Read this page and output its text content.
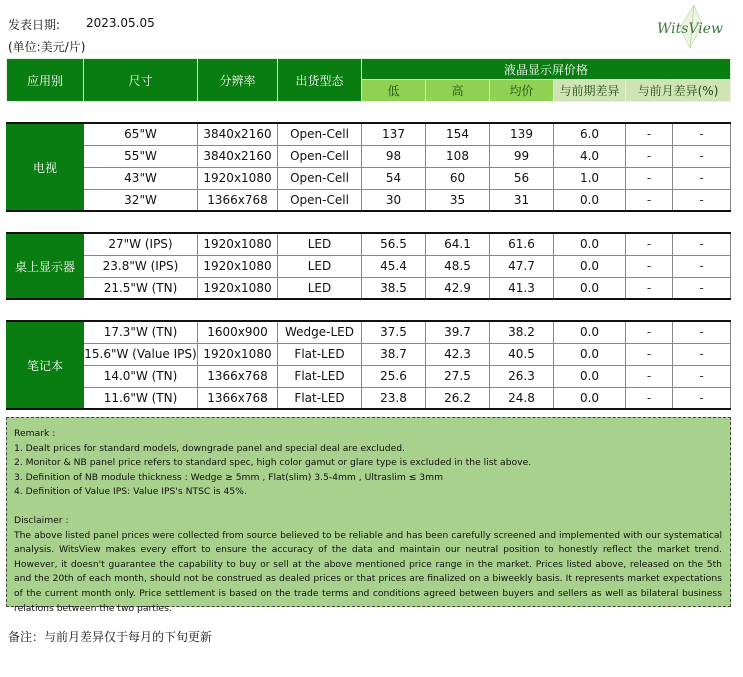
发表日期: 2023.05.05
(单位:美元/片)
WitsView
应用别	尺寸	分辨率	出货型态	液晶显示屏价格				
				低	高	均价	与前期差异	与前月差异(%)
电视	65"W	3840x2160	Open-Cell	137	154	139	6.0	-	-
	55"W	3840x2160	Open-Cell	98	108	99	4.0	-	-
	43"W	1920x1080	Open-Cell	54	60	56	1.0	-	-
	32"W	1366x768	Open-Cell	30	35	31	0.0	-	-
桌上显示器	27"W (IPS)	1920x1080	LED	56.5	64.1	61.6	0.0	-	-
	23.8"W (IPS)	1920x1080	LED	45.4	48.5	47.7	0.0	-	-
	21.5"W (TN)	1920x1080	LED	38.5	42.9	41.3	0.0	-	-
笔记本	17.3"W (TN)	1600x900	Wedge-LED	37.5	39.7	38.2	0.0	-	-
	15.6"W (Value IPS)	1920x1080	Flat-LED	38.7	42.3	40.5	0.0	-	-
	14.0"W (TN)	1366x768	Flat-LED	25.6	27.5	26.3	0.0	-	-
	11.6"W (TN)	1366x768	Flat-LED	23.8	26.2	24.8	0.0	-	-
Remark :
1. Dealt prices for standard models, downgrade panel and special deal are excluded.
2. Monitor & NB panel price refers to standard spec, high color gamut or glare type is excluded in the list above.
3. Definition of NB module thickness : Wedge ≥ 5mm , Flat(slim) 3.5-4mm , Ultraslim ≤ 3mm
4. Definition of Value IPS: Value IPS's NTSC is 45%.
Disclaimer :
The above listed panel prices were collected from source believed to be reliable and has been carefully screened and implemented with our systematical analysis. WitsView makes every effort to ensure the accuracy of the data and maintain our neutral position to honestly reflect the market trend. However, it doesn't guarantee the capability to buy or sell at the above mentioned price range in the market. Prices listed above, released on the 5th and the 20th of each month, should not be construed as dealed prices or that prices are finalized on a biweekly basis. It represents market expectations of the current month only. Price settlement is based on the trade terms and conditions agreed between buyers and sellers as well as bilateral business relations between the two parties.
备注：与前月差异仅于每月的下旬更新
